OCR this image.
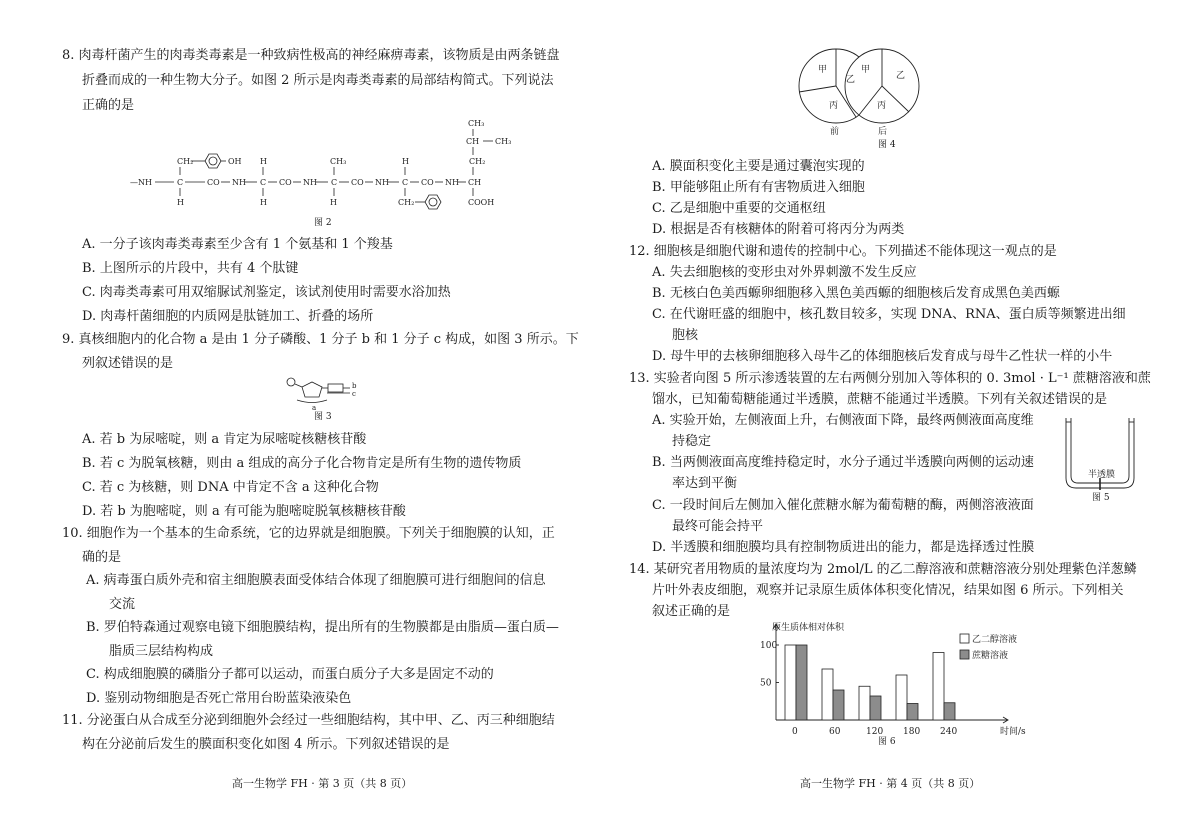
8. 肉毒杆菌产生的肉毒类毒素是一种致病性极高的神经麻痹毒素，该物质是由两条链盘
折叠而成的一种生物大分子。如图 2 所示是肉毒类毒素的局部结构简式。下列说法
正确的是
CH₂	CH₃
CH₃
CH CH₃
CH₂
OH H	H
H	H	H	CH₂	COOH
—NH	C	CO NH C CO NH C CO NH C CO NH CH
图 2
A. 一分子该肉毒类毒素至少含有 1 个氨基和 1 个羧基
B. 上图所示的片段中，共有 4 个肽键
C. 肉毒类毒素可用双缩脲试剂鉴定，该试剂使用时需要水浴加热
D. 肉毒杆菌细胞的内质网是肽链加工、折叠的场所
9. 真核细胞内的化合物 a 是由 1 分子磷酸、1 分子 b 和 1 分子 c 构成，如图 3 所示。下
列叙述错误的是
b
c
a
图 3
A. 若 b 为尿嘧啶，则 a 肯定为尿嘧啶核糖核苷酸
B. 若 c 为脱氧核糖，则由 a 组成的高分子化合物肯定是所有生物的遗传物质
C. 若 c 为核糖，则 DNA 中肯定不含 a 这种化合物
D. 若 b 为胞嘧啶，则 a 有可能为胞嘧啶脱氧核糖核苷酸
10. 细胞作为一个基本的生命系统，它的边界就是细胞膜。下列关于细胞膜的认知，正
确的是
A. 病毒蛋白质外壳和宿主细胞膜表面受体结合体现了细胞膜可进行细胞间的信息
交流
B. 罗伯特森通过观察电镜下细胞膜结构，提出所有的生物膜都是由脂质—蛋白质—
脂质三层结构构成
C. 构成细胞膜的磷脂分子都可以运动，而蛋白质分子大多是固定不动的
D. 鉴别动物细胞是否死亡常用台盼蓝染液染色
11. 分泌蛋白从合成至分泌到细胞外会经过一些细胞结构，其中甲、乙、丙三种细胞结
构在分泌前后发生的膜面积变化如图 4 所示。下列叙述错误的是
高一生物学 FH · 第 3 页（共 8 页）
甲
乙
丙
甲
乙
丙
前	后
图 4
A. 膜面积变化主要是通过囊泡实现的
B. 甲能够阻止所有有害物质进入细胞
C. 乙是细胞中重要的交通枢纽
D. 根据是否有核糖体的附着可将丙分为两类
12. 细胞核是细胞代谢和遗传的控制中心。下列描述不能体现这一观点的是
A. 失去细胞核的变形虫对外界刺激不发生反应
B. 无核白色美西螈卵细胞移入黑色美西螈的细胞核后发育成黑色美西螈
C. 在代谢旺盛的细胞中，核孔数目较多，实现 DNA、RNA、蛋白质等频繁进出细
胞核
D. 母牛甲的去核卵细胞移入母牛乙的体细胞核后发育成与母牛乙性状一样的小牛
13. 实验者向图 5 所示渗透装置的左右两侧分别加入等体积的 0. 3mol · L⁻¹ 蔗糖溶液和蔗
馏水，已知葡萄糖能通过半透膜，蔗糖不能通过半透膜。下列有关叙述错误的是
A. 实验开始，左侧液面上升，右侧液面下降，最终两侧液面高度维
持稳定
B. 当两侧液面高度维持稳定时，水分子通过半透膜向两侧的运动速
率达到平衡
C. 一段时间后左侧加入催化蔗糖水解为葡萄糖的酶，两侧溶液液面
最终可能会持平
D. 半透膜和细胞膜均具有控制物质进出的能力，都是选择透过性膜
半透膜
图 5
14. 某研究者用物质的量浓度均为 2mol/L 的乙二醇溶液和蔗糖溶液分别处理紫色洋葱鳞
片叶外表皮细胞，观察并记录原生质体体积变化情况，结果如图 6 所示。下列相关
叙述正确的是
50
100
原生质体相对体积
时间/s
0	60	120 180 240
乙二醇溶液
蔗糖溶液
图 6
高一生物学 FH · 第 4 页（共 8 页）
